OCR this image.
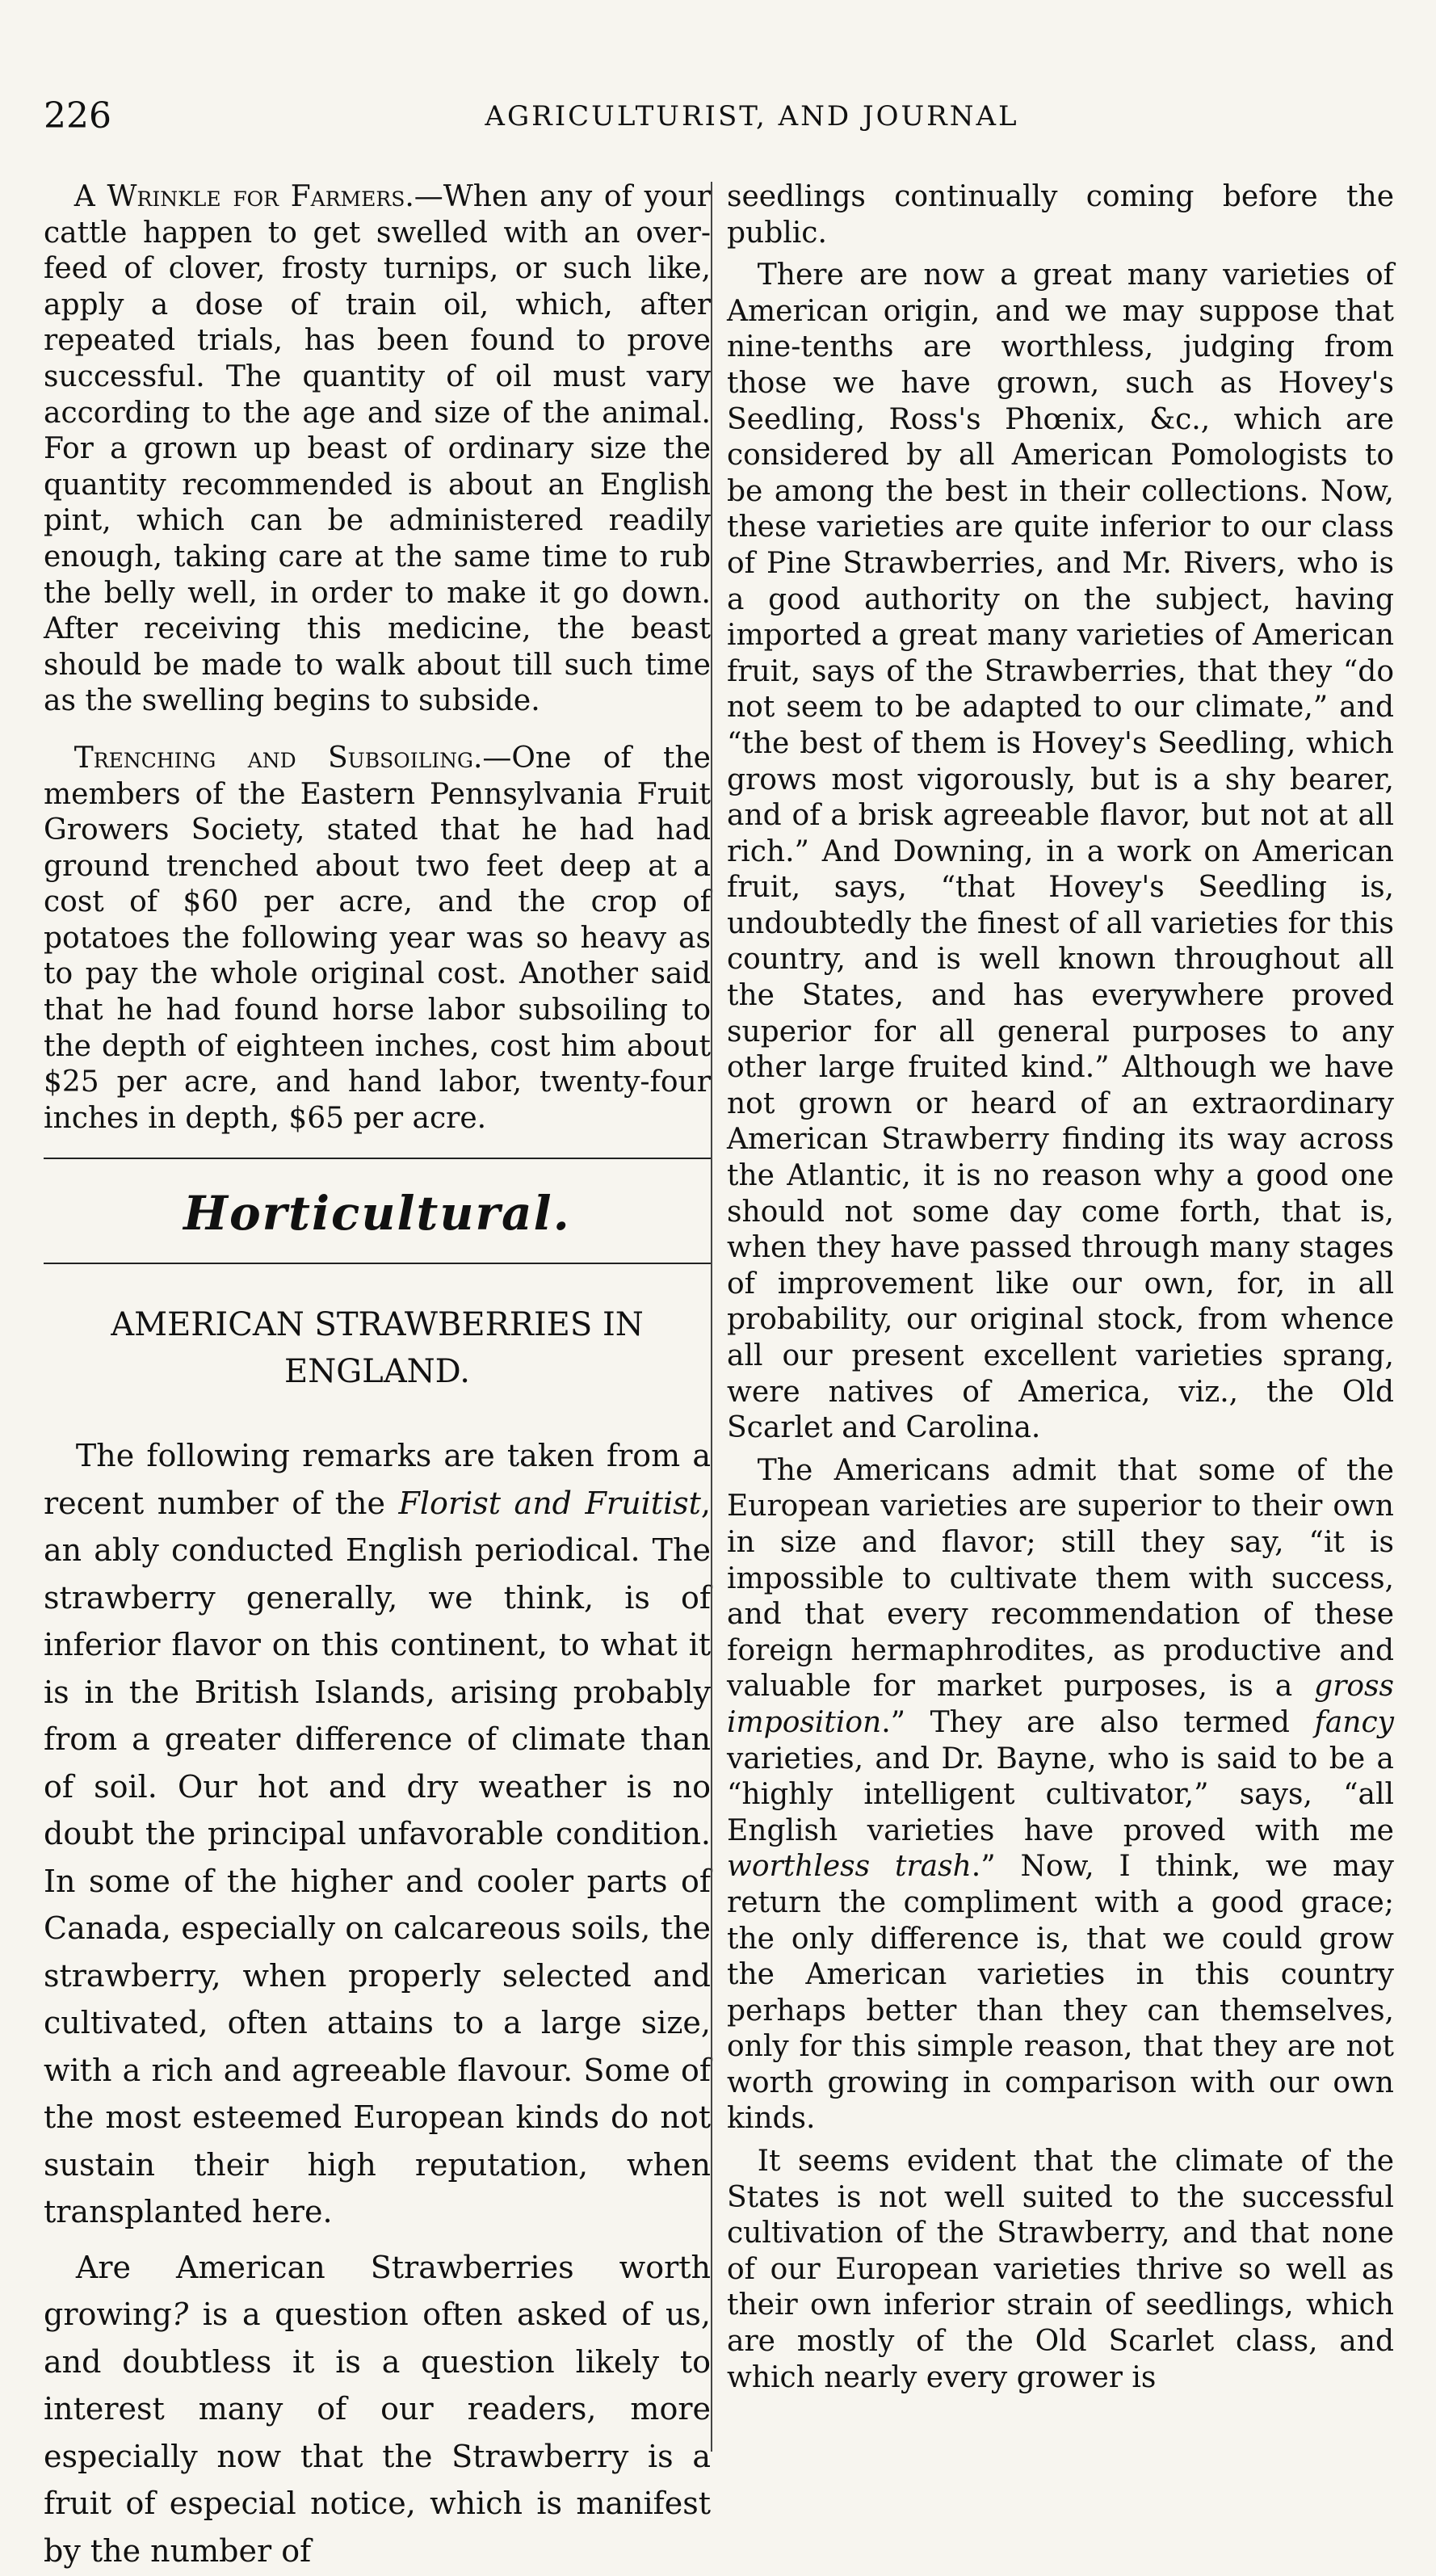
226	AGRICULTURIST, AND JOURNAL

A Wrinkle for Farmers.—When any of your cattle happen to get swelled with an over-feed of clover, frosty turnips, or such like, apply a dose of train oil, which, after repeated trials, has been found to prove successful. The quantity of oil must vary according to the age and size of the animal. For a grown up beast of ordinary size the quantity recommended is about an English pint, which can be administered readily enough, taking care at the same time to rub the belly well, in order to make it go down. After receiving this medicine, the beast should be made to walk about till such time as the swelling begins to subside.

Trenching and Subsoiling.—One of the members of the Eastern Pennsylvania Fruit Growers Society, stated that he had had ground trenched about two feet deep at a cost of $60 per acre, and the crop of potatoes the following year was so heavy as to pay the whole original cost. Another said that he had found horse labor subsoiling to the depth of eighteen inches, cost him about $25 per acre, and hand labor, twenty-four inches in depth, $65 per acre.

Horticultural.

AMERICAN STRAWBERRIES IN ENGLAND.

The following remarks are taken from a recent number of the Florist and Fruitist, an ably conducted English periodical. The strawberry generally, we think, is of inferior flavor on this continent, to what it is in the British Islands, arising probably from a greater difference of climate than of soil. Our hot and dry weather is no doubt the principal unfavorable condition. In some of the higher and cooler parts of Canada, especially on calcareous soils, the strawberry, when properly selected and cultivated, often attains to a large size, with a rich and agreeable flavour. Some of the most esteemed European kinds do not sustain their high reputation, when transplanted here.

Are American Strawberries worth growing? is a question often asked of us, and doubtless it is a question likely to interest many of our readers, more especially now that the Strawberry is a fruit of especial notice, which is manifest by the number of

seedlings continually coming before the public.

There are now a great many varieties of American origin, and we may suppose that nine-tenths are worthless, judging from those we have grown, such as Hovey's Seedling, Ross's Phœnix, &c., which are considered by all American Pomologists to be among the best in their collections. Now, these varieties are quite inferior to our class of Pine Strawberries, and Mr. Rivers, who is a good authority on the subject, having imported a great many varieties of American fruit, says of the Strawberries, that they “do not seem to be adapted to our climate,” and “the best of them is Hovey's Seedling, which grows most vigorously, but is a shy bearer, and of a brisk agreeable flavor, but not at all rich.” And Downing, in a work on American fruit, says, “that Hovey's Seedling is, undoubtedly the finest of all varieties for this country, and is well known throughout all the States, and has everywhere proved superior for all general purposes to any other large fruited kind.” Although we have not grown or heard of an extraordinary American Strawberry finding its way across the Atlantic, it is no reason why a good one should not some day come forth, that is, when they have passed through many stages of improvement like our own, for, in all probability, our original stock, from whence all our present excellent varieties sprang, were natives of America, viz., the Old Scarlet and Carolina.

The Americans admit that some of the European varieties are superior to their own in size and flavor; still they say, “it is impossible to cultivate them with success, and that every recommendation of these foreign hermaphrodites, as productive and valuable for market purposes, is a gross imposition.” They are also termed fancy varieties, and Dr. Bayne, who is said to be a “highly intelligent cultivator,” says, “all English varieties have proved with me worthless trash.” Now, I think, we may return the compliment with a good grace; the only difference is, that we could grow the American varieties in this country perhaps better than they can themselves, only for this simple reason, that they are not worth growing in comparison with our own kinds.

It seems evident that the climate of the States is not well suited to the successful cultivation of the Strawberry, and that none of our European varieties thrive so well as their own inferior strain of seedlings, which are mostly of the Old Scarlet class, and which nearly every grower is
